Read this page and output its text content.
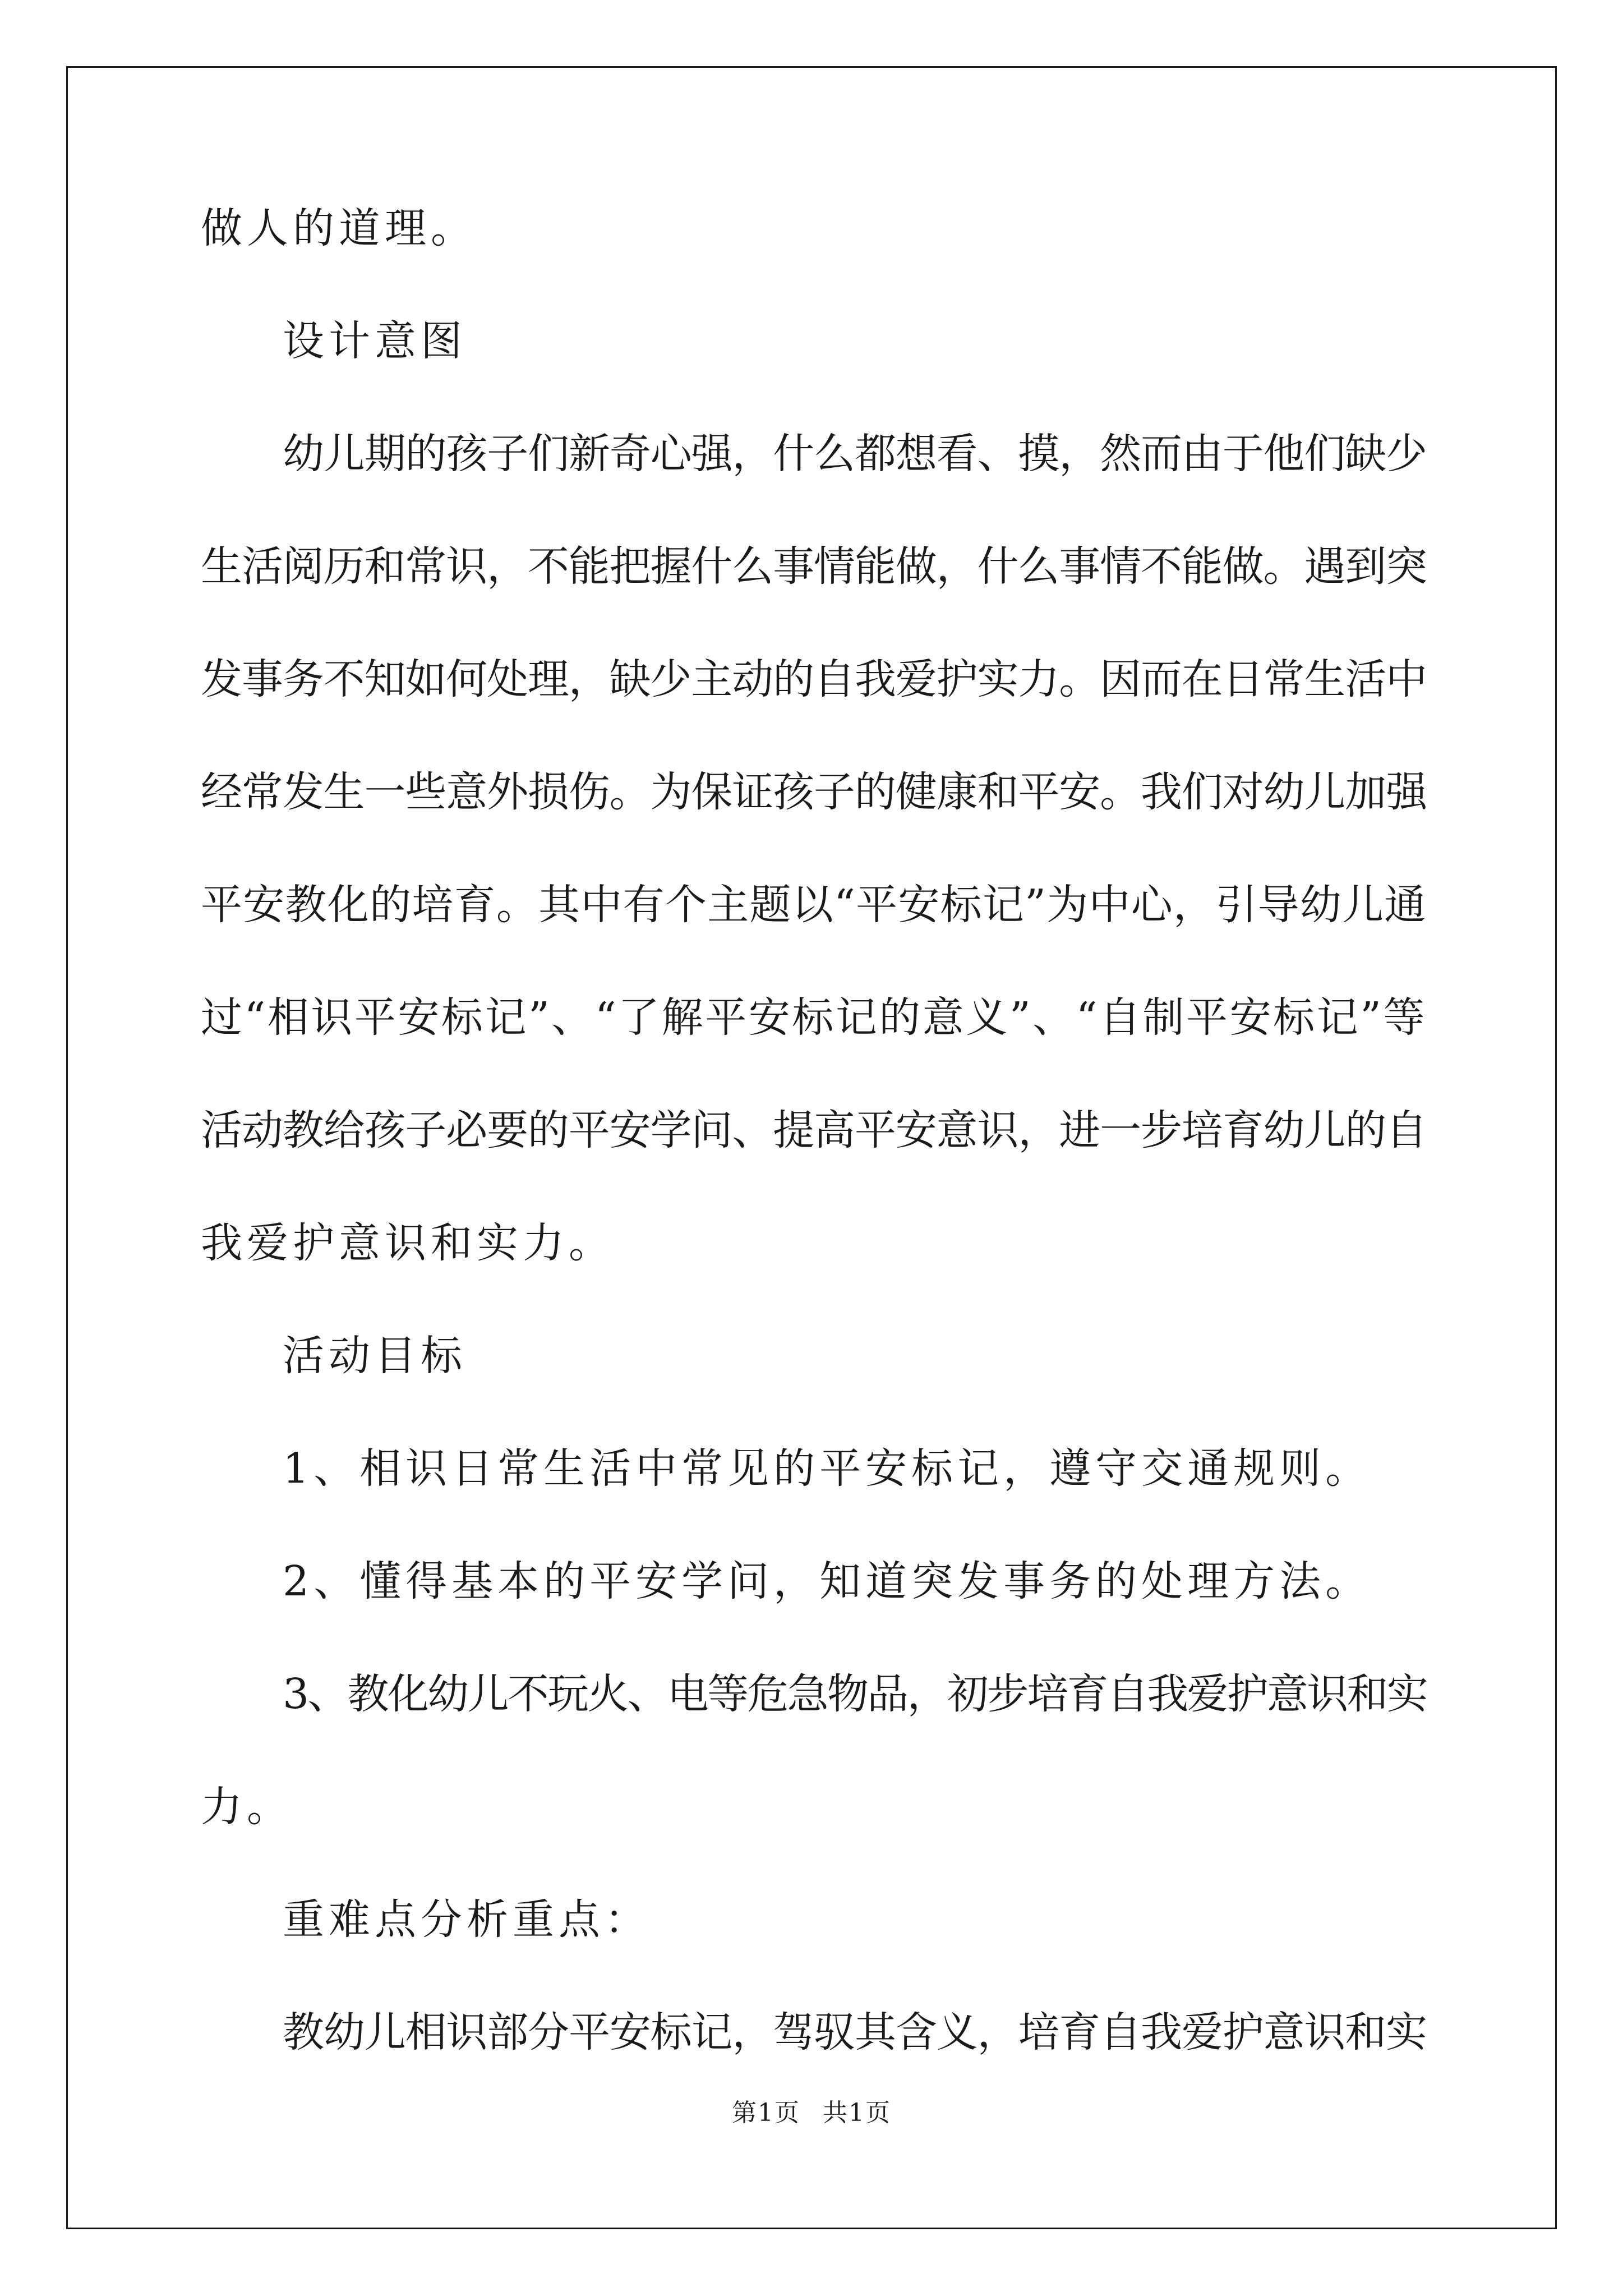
做人的道理。
设计意图
幼儿期的孩子们新奇心强，什么都想看、摸，然而由于他们缺少
生活阅历和常识，不能把握什么事情能做，什么事情不能做。遇到突
发事务不知如何处理，缺少主动的自我爱护实力。因而在日常生活中
经常发生一些意外损伤。为保证孩子的健康和平安。我们对幼儿加强
平安教化的培育。其中有个主题以“平安标记”为中心，引导幼儿通
过“相识平安标记”、“了解平安标记的意义”、“自制平安标记”等
活动教给孩子必要的平安学问、提高平安意识，进一步培育幼儿的自
我爱护意识和实力。
活动目标
1、相识日常生活中常见的平安标记，遵守交通规则。
2、懂得基本的平安学问，知道突发事务的处理方法。
3、教化幼儿不玩火、电等危急物品，初步培育自我爱护意识和实
力。
重难点分析重点：
教幼儿相识部分平安标记，驾驭其含义，培育自我爱护意识和实
第1页 共1页
